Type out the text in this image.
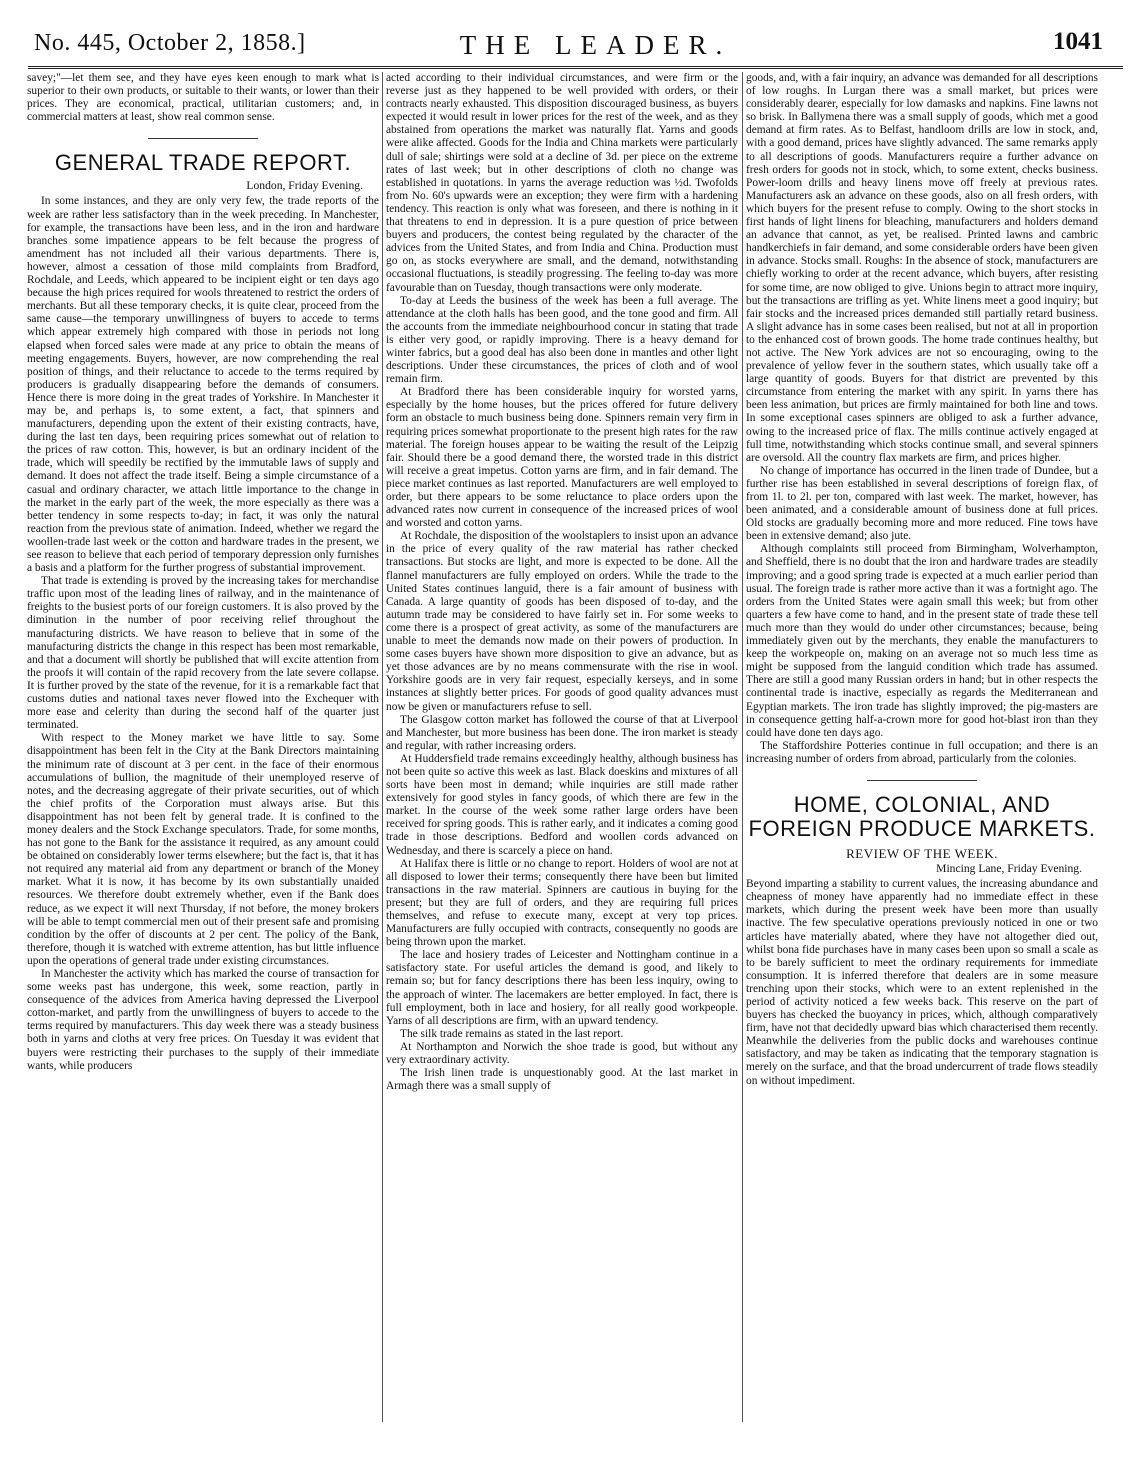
No. 445, October 2, 1858.]	THE LEADER.	1041

savey;"—let them see, and they have eyes keen enough to mark what is superior to their own products, or suitable to their wants, or lower than their prices. They are economical, practical, utilitarian customers; and, in commercial matters at least, show real common sense.

GENERAL TRADE REPORT.
London, Friday Evening.

In some instances, and they are only very few, the trade reports of the week are rather less satisfactory than in the week preceding. In Manchester, for example, the transactions have been less, and in the iron and hardware branches some impatience appears to be felt because the progress of amendment has not included all their various departments. There is, however, almost a cessation of those mild complaints from Bradford, Rochdale, and Leeds, which appeared to be incipient eight or ten days ago because the high prices required for wools threatened to restrict the orders of merchants. But all these temporary checks, it is quite clear, proceed from the same cause—the temporary unwillingness of buyers to accede to terms which appear extremely high compared with those in periods not long elapsed when forced sales were made at any price to obtain the means of meeting engagements. Buyers, however, are now comprehending the real position of things, and their reluctance to accede to the terms required by producers is gradually disappearing before the demands of consumers. Hence there is more doing in the great trades of Yorkshire. In Manchester it may be, and perhaps is, to some extent, a fact, that spinners and manufacturers, depending upon the extent of their existing contracts, have, during the last ten days, been requiring prices somewhat out of relation to the prices of raw cotton. This, however, is but an ordinary incident of the trade, which will speedily be rectified by the immutable laws of supply and demand. It does not affect the trade itself. Being a simple circumstance of a casual and ordinary character, we attach little importance to the change in the market in the early part of the week, the more especially as there was a better tendency in some respects to-day; in fact, it was only the natural reaction from the previous state of animation. Indeed, whether we regard the woollen-trade last week or the cotton and hardware trades in the present, we see reason to believe that each period of temporary depression only furnishes a basis and a platform for the further progress of substantial improvement.

That trade is extending is proved by the increasing takes for merchandise traffic upon most of the leading lines of railway, and in the maintenance of freights to the busiest ports of our foreign customers. It is also proved by the diminution in the number of poor receiving relief throughout the manufacturing districts. We have reason to believe that in some of the manufacturing districts the change in this respect has been most remarkable, and that a document will shortly be published that will excite attention from the proofs it will contain of the rapid recovery from the late severe collapse. It is further proved by the state of the revenue, for it is a remarkable fact that customs duties and national taxes never flowed into the Exchequer with more ease and celerity than during the second half of the quarter just terminated.

With respect to the Money market we have little to say. Some disappointment has been felt in the City at the Bank Directors maintaining the minimum rate of discount at 3 per cent. in the face of their enormous accumulations of bullion, the magnitude of their unemployed reserve of notes, and the decreasing aggregate of their private securities, out of which the chief profits of the Corporation must always arise. But this disappointment has not been felt by general trade. It is confined to the money dealers and the Stock Exchange speculators. Trade, for some months, has not gone to the Bank for the assistance it required, as any amount could be obtained on considerably lower terms elsewhere; but the fact is, that it has not required any material aid from any department or branch of the Money market. What it is now, it has become by its own substantially unaided resources. We therefore doubt extremely whether, even if the Bank does reduce, as we expect it will next Thursday, if not before, the money brokers will be able to tempt commercial men out of their present safe and promising condition by the offer of discounts at 2 per cent. The policy of the Bank, therefore, though it is watched with extreme attention, has but little influence upon the operations of general trade under existing circumstances.

In Manchester the activity which has marked the course of transaction for some weeks past has undergone, this week, some reaction, partly in consequence of the advices from America having depressed the Liverpool cotton-market, and partly from the unwillingness of buyers to accede to the terms required by manufacturers. This day week there was a steady business both in yarns and cloths at very free prices. On Tuesday it was evident that buyers were restricting their purchases to the supply of their immediate wants, while producers

acted according to their individual circumstances, and were firm or the reverse just as they happened to be well provided with orders, or their contracts nearly exhausted. This disposition discouraged business, as buyers expected it would result in lower prices for the rest of the week, and as they abstained from operations the market was naturally flat. Yarns and goods were alike affected. Goods for the India and China markets were particularly dull of sale; shirtings were sold at a decline of 3d. per piece on the extreme rates of last week; but in other descriptions of cloth no change was established in quotations. In yarns the average reduction was ½d. Twofolds from No. 60's upwards were an exception; they were firm with a hardening tendency. This reaction is only what was foreseen, and there is nothing in it that threatens to end in depression. It is a pure question of price between buyers and producers, the contest being regulated by the character of the advices from the United States, and from India and China. Production must go on, as stocks everywhere are small, and the demand, notwithstanding occasional fluctuations, is steadily progressing. The feeling to-day was more favourable than on Tuesday, though transactions were only moderate.

To-day at Leeds the business of the week has been a full average. The attendance at the cloth halls has been good, and the tone good and firm. All the accounts from the immediate neighbourhood concur in stating that trade is either very good, or rapidly improving. There is a heavy demand for winter fabrics, but a good deal has also been done in mantles and other light descriptions. Under these circumstances, the prices of cloth and of wool remain firm.

At Bradford there has been considerable inquiry for worsted yarns, especially by the home houses, but the prices offered for future delivery form an obstacle to much business being done. Spinners remain very firm in requiring prices somewhat proportionate to the present high rates for the raw material. The foreign houses appear to be waiting the result of the Leipzig fair. Should there be a good demand there, the worsted trade in this district will receive a great impetus. Cotton yarns are firm, and in fair demand. The piece market continues as last reported. Manufacturers are well employed to order, but there appears to be some reluctance to place orders upon the advanced rates now current in consequence of the increased prices of wool and worsted and cotton yarns.

At Rochdale, the disposition of the woolstaplers to insist upon an advance in the price of every quality of the raw material has rather checked transactions. But stocks are light, and more is expected to be done. All the flannel manufacturers are fully employed on orders. While the trade to the United States continues languid, there is a fair amount of business with Canada. A large quantity of goods has been disposed of to-day, and the autumn trade may be considered to have fairly set in. For some weeks to come there is a prospect of great activity, as some of the manufacturers are unable to meet the demands now made on their powers of production. In some cases buyers have shown more disposition to give an advance, but as yet those advances are by no means commensurate with the rise in wool. Yorkshire goods are in very fair request, especially kerseys, and in some instances at slightly better prices. For goods of good quality advances must now be given or manufacturers refuse to sell.

The Glasgow cotton market has followed the course of that at Liverpool and Manchester, but more business has been done. The iron market is steady and regular, with rather increasing orders.

At Huddersfield trade remains exceedingly healthy, although business has not been quite so active this week as last. Black doeskins and mixtures of all sorts have been most in demand; while inquiries are still made rather extensively for good styles in fancy goods, of which there are few in the market. In the course of the week some rather large orders have been received for spring goods. This is rather early, and it indicates a coming good trade in those descriptions. Bedford and woollen cords advanced on Wednesday, and there is scarcely a piece on hand.

At Halifax there is little or no change to report. Holders of wool are not at all disposed to lower their terms; consequently there have been but limited transactions in the raw material. Spinners are cautious in buying for the present; but they are full of orders, and they are requiring full prices themselves, and refuse to execute many, except at very top prices. Manufacturers are fully occupied with contracts, consequently no goods are being thrown upon the market.

The lace and hosiery trades of Leicester and Nottingham continue in a satisfactory state. For useful articles the demand is good, and likely to remain so; but for fancy descriptions there has been less inquiry, owing to the approach of winter. The lacemakers are better employed. In fact, there is full employment, both in lace and hosiery, for all really good workpeople. Yarns of all descriptions are firm, with an upward tendency.

The silk trade remains as stated in the last report.

At Northampton and Norwich the shoe trade is good, but without any very extraordinary activity.

The Irish linen trade is unquestionably good. At the last market in Armagh there was a small supply of

goods, and, with a fair inquiry, an advance was demanded for all descriptions of low roughs. In Lurgan there was a small market, but prices were considerably dearer, especially for low damasks and napkins. Fine lawns not so brisk. In Ballymena there was a small supply of goods, which met a good demand at firm rates. As to Belfast, handloom drills are low in stock, and, with a good demand, prices have slightly advanced. The same remarks apply to all descriptions of goods. Manufacturers require a further advance on fresh orders for goods not in stock, which, to some extent, checks business. Power-loom drills and heavy linens move off freely at previous rates. Manufacturers ask an advance on these goods, also on all fresh orders, with which buyers for the present refuse to comply. Owing to the short stocks in first hands of light linens for bleaching, manufacturers and holders demand an advance that cannot, as yet, be realised. Printed lawns and cambric handkerchiefs in fair demand, and some considerable orders have been given in advance. Stocks small. Roughs: In the absence of stock, manufacturers are chiefly working to order at the recent advance, which buyers, after resisting for some time, are now obliged to give. Unions begin to attract more inquiry, but the transactions are trifling as yet. White linens meet a good inquiry; but fair stocks and the increased prices demanded still partially retard business. A slight advance has in some cases been realised, but not at all in proportion to the enhanced cost of brown goods. The home trade continues healthy, but not active. The New York advices are not so encouraging, owing to the prevalence of yellow fever in the southern states, which usually take off a large quantity of goods. Buyers for that district are prevented by this circumstance from entering the market with any spirit. In yarns there has been less animation, but prices are firmly maintained for both line and tows. In some exceptional cases spinners are obliged to ask a further advance, owing to the increased price of flax. The mills continue actively engaged at full time, notwithstanding which stocks continue small, and several spinners are oversold. All the country flax markets are firm, and prices higher.

No change of importance has occurred in the linen trade of Dundee, but a further rise has been established in several descriptions of foreign flax, of from 1l. to 2l. per ton, compared with last week. The market, however, has been animated, and a considerable amount of business done at full prices. Old stocks are gradually becoming more and more reduced. Fine tows have been in extensive demand; also jute.

Although complaints still proceed from Birmingham, Wolverhampton, and Sheffield, there is no doubt that the iron and hardware trades are steadily improving; and a good spring trade is expected at a much earlier period than usual. The foreign trade is rather more active than it was a fortnight ago. The orders from the United States were again small this week; but from other quarters a few have come to hand, and in the present state of trade these tell much more than they would do under other circumstances; because, being immediately given out by the merchants, they enable the manufacturers to keep the workpeople on, making on an average not so much less time as might be supposed from the languid condition which trade has assumed. There are still a good many Russian orders in hand; but in other respects the continental trade is inactive, especially as regards the Mediterranean and Egyptian markets. The iron trade has slightly improved; the pig-masters are in consequence getting half-a-crown more for good hot-blast iron than they could have done ten days ago.

The Staffordshire Potteries continue in full occupation; and there is an increasing number of orders from abroad, particularly from the colonies.

HOME, COLONIAL, AND FOREIGN PRODUCE MARKETS.
REVIEW OF THE WEEK.
Mincing Lane, Friday Evening.

Beyond imparting a stability to current values, the increasing abundance and cheapness of money have apparently had no immediate effect in these markets, which during the present week have been more than usually inactive. The few speculative operations previously noticed in one or two articles have materially abated, where they have not altogether died out, whilst bona fide purchases have in many cases been upon so small a scale as to be barely sufficient to meet the ordinary requirements for immediate consumption. It is inferred therefore that dealers are in some measure trenching upon their stocks, which were to an extent replenished in the period of activity noticed a few weeks back. This reserve on the part of buyers has checked the buoyancy in prices, which, although comparatively firm, have not that decidedly upward bias which characterised them recently. Meanwhile the deliveries from the public docks and warehouses continue satisfactory, and may be taken as indicating that the temporary stagnation is merely on the surface, and that the broad undercurrent of trade flows steadily on without impediment.
